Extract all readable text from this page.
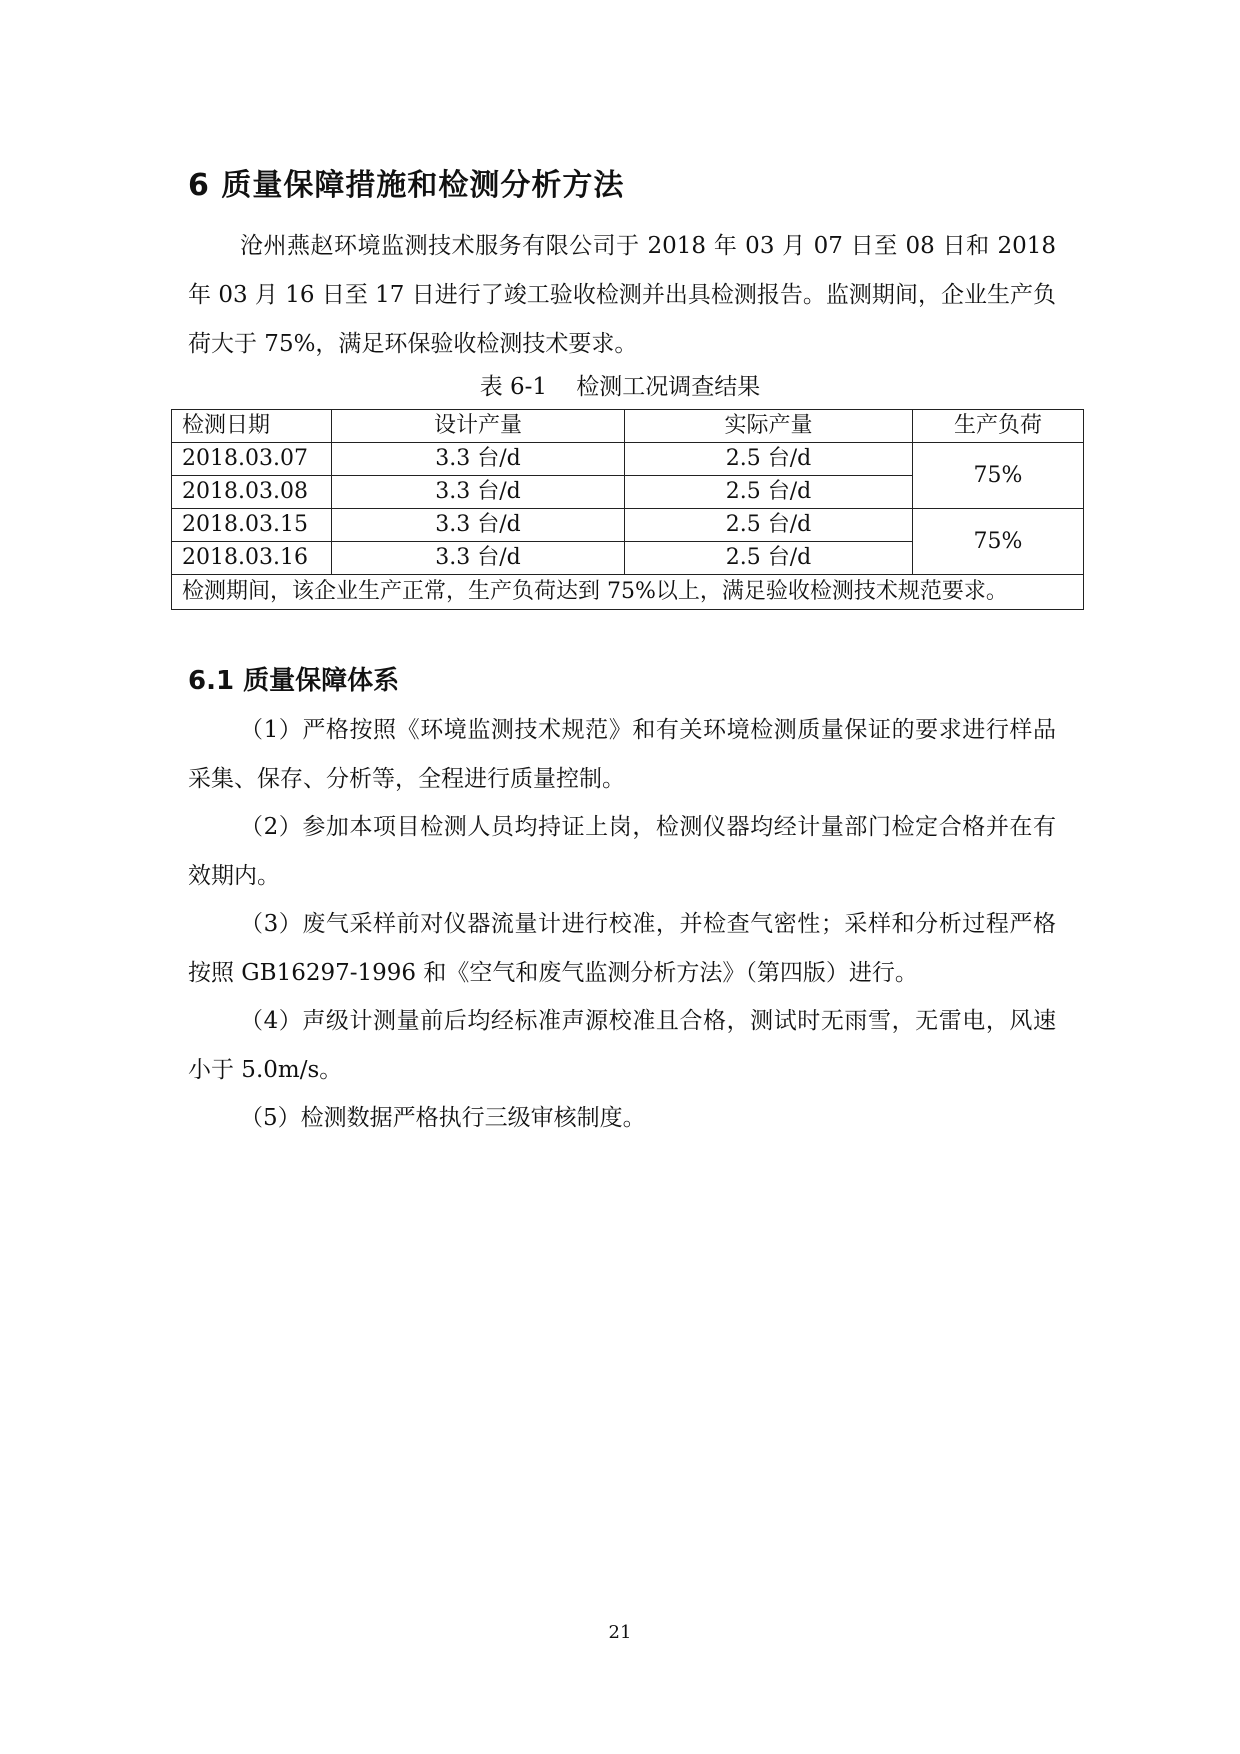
6 质量保障措施和检测分析方法

沧州燕赵环境监测技术服务有限公司于 2018 年 03 月 07 日至 08 日和 2018 年 03 月 16 日至 17 日进行了竣工验收检测并出具检测报告。监测期间，企业生产负荷大于 75%，满足环保验收检测技术要求。

表 6-1    检测工况调查结果
检测日期	设计产量	实际产量	生产负荷
2018.03.07	3.3 台/d	2.5 台/d	75%
2018.03.08	3.3 台/d	2.5 台/d	
2018.03.15	3.3 台/d	2.5 台/d	75%
2018.03.16	3.3 台/d	2.5 台/d	
检测期间，该企业生产正常，生产负荷达到 75%以上，满足验收检测技术规范要求。			
6.1 质量保障体系

（1）严格按照《环境监测技术规范》和有关环境检测质量保证的要求进行样品采集、保存、分析等，全程进行质量控制。

（2）参加本项目检测人员均持证上岗，检测仪器均经计量部门检定合格并在有效期内。

（3）废气采样前对仪器流量计进行校准，并检查气密性；采样和分析过程严格按照 GB16297-1996 和《空气和废气监测分析方法》（第四版）进行。

（4）声级计测量前后均经标准声源校准且合格，测试时无雨雪，无雷电，风速小于 5.0m/s。

（5）检测数据严格执行三级审核制度。

21
